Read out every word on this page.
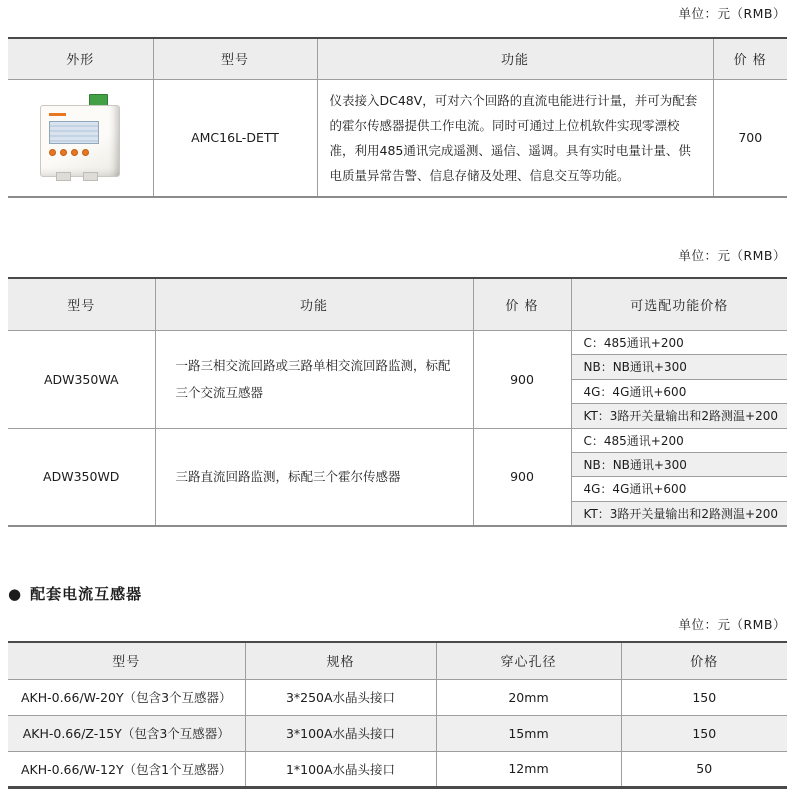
单位：元（RMB）
外形	型号	功能	价 格

	AMC16L-DETT	仪表接入DC48V，可对六个回路的直流电能进行计量，并可为配套的霍尔传感器提供工作电流。同时可通过上位机软件实现零漂校准，利用485通讯完成遥测、遥信、遥调。具有实时电量计量、供电质量异常告警、信息存储及处理、信息交互等功能。	700
单位：元（RMB）
型号	功能	价 格	可选配功能价格
ADW350WA	一路三相交流回路或三路单相交流回路监测，标配三个交流互感器	900	C：485通讯+200
NB：NB通讯+300
4G：4G通讯+600
KT：3路开关量输出和2路测温+200

ADW350WD	三路直流回路监测，标配三个霍尔传感器	900	C：485通讯+200
NB：NB通讯+300
4G：4G通讯+600
KT：3路开关量输出和2路测温+200
● 配套电流互感器
单位：元（RMB）
型号	规格	穿心孔径	价格
AKH-0.66/W-20Y（包含3个互感器）	3*250A水晶头接口	20mm	150
AKH-0.66/Z-15Y（包含3个互感器）	3*100A水晶头接口	15mm	150
AKH-0.66/W-12Y（包含1个互感器）	1*100A水晶头接口	12mm	50
